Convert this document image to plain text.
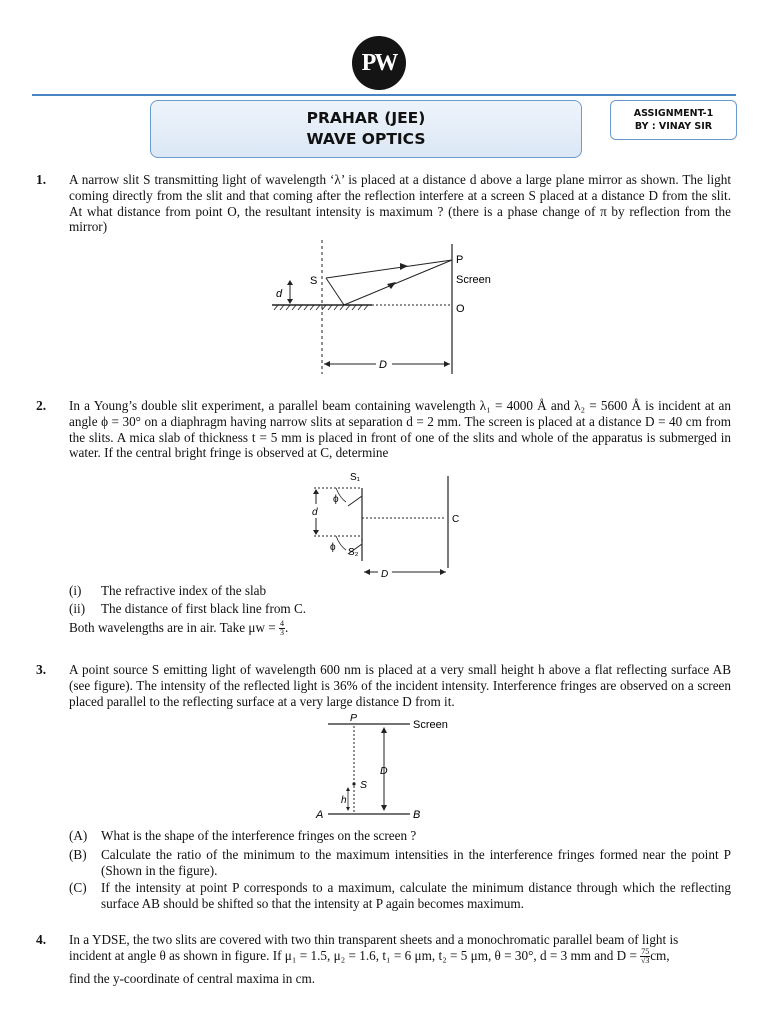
PW
PRAHAR (JEE)
WAVE OPTICS
ASSIGNMENT-1
BY : VINAY SIR
1. A narrow slit S transmitting light of wavelength ‘λ’ is placed at a distance d above a large plane mirror as shown. The light coming directly from the slit and that coming after the reflection interfere at a screen S placed at a distance D from the slit. At what distance from point O, the resultant intensity is maximum ? (there is a phase change of π by reflection from the mirror)
d
S
P
Screen
O
D
2. In a Young’s double slit experiment, a parallel beam containing wavelength λ₁ = 4000 Å and λ₂ = 5600 Å is incident at an angle ϕ = 30° on a diaphragm having narrow slits at separation d = 2 mm. The screen is placed at a distance D = 40 cm from the slits. A mica slab of thickness t = 5 mm is placed in front of one of the slits and whole of the apparatus is submerged in water. If the central bright fringe is observed at C, determine
ϕ
ϕ
d
S₁
S₂
C
D
(i) The refractive index of the slab
(ii) The distance of first black line from C.
Both wavelengths are in air. Take $\mu w = \frac{4}{3}$ .
3. A point source S emitting light of wavelength 600 nm is placed at a very small height h above a flat reflecting surface AB (see figure). The intensity of the reflected light is 36% of the incident intensity. Interference fringes are observed on a screen placed parallel to the reflecting surface at a very large distance D from it.
Screen
P
A	B
D
S
h
(A) What is the shape of the interference fringes on the screen ?
(B) Calculate the ratio of the minimum to the maximum intensities in the interference fringes formed near the point P (Shown in the figure).
(C) If the intensity at point P corresponds to a maximum, calculate the minimum distance through which the reflecting surface AB should be shifted so that the intensity at P again becomes maximum.
4. In a YDSE, the two slits are covered with two thin transparent sheets and a monochromatic parallel beam of light is
incident at angle θ as shown in figure. If μ₁ = 1.5, μ₂ = 1.6, t₁ = 6 μm, t₂ = 5 μm, θ = 30°, d = 3 mm and $D = \frac{75}{√3}$ cm,
find the y-coordinate of central maxima in cm.
